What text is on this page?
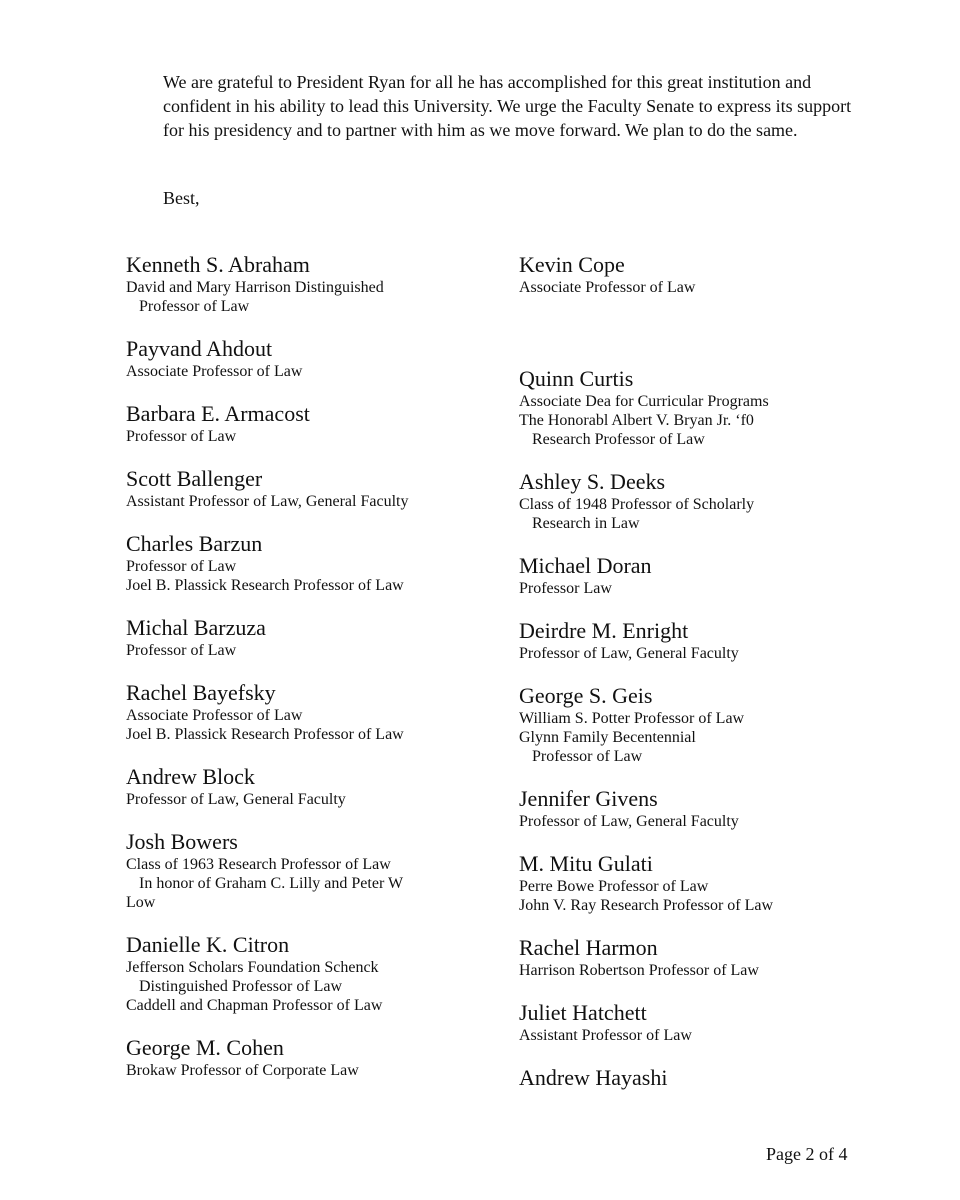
We are grateful to President Ryan for all he has accomplished for this great institution and confident in his ability to lead this University. We urge the Faculty Senate to express its support for his presidency and to partner with him as we move forward. We plan to do the same.

Best,
Kenneth S. Abraham
David and Mary Harrison Distinguished
Professor of Law
Payvand Ahdout
Associate Professor of Law
Barbara E. Armacost
Professor of Law
Scott Ballenger
Assistant Professor of Law, General Faculty
Charles Barzun
Professor of Law
Joel B. Plassick Research Professor of Law
Michal Barzuza
Professor of Law
Rachel Bayefsky
Associate Professor of Law
Joel B. Plassick Research Professor of Law
Andrew Block
Professor of Law, General Faculty
Josh Bowers
Class of 1963 Research Professor of Law
In honor of Graham C. Lilly and Peter W
Low
Danielle K. Citron
Jefferson Scholars Foundation Schenck
Distinguished Professor of Law
Caddell and Chapman Professor of Law
George M. Cohen
Brokaw Professor of Corporate Law
Kevin Cope
Associate Professor of Law
Quinn Curtis
Associate Dea for Curricular Programs
The Honorabl Albert V. Bryan Jr. ‘f0
Research Professor of Law
Ashley S. Deeks
Class of 1948 Professor of Scholarly
Research in Law
Michael Doran
Professor Law
Deirdre M. Enright
Professor of Law, General Faculty
George S. Geis
William S. Potter Professor of Law
Glynn Family Becentennial
Professor of Law
Jennifer Givens
Professor of Law, General Faculty
M. Mitu Gulati
Perre Bowe Professor of Law
John V. Ray Research Professor of Law
Rachel Harmon
Harrison Robertson Professor of Law
Juliet Hatchett
Assistant Professor of Law
Andrew Hayashi
Page 2 of 4
